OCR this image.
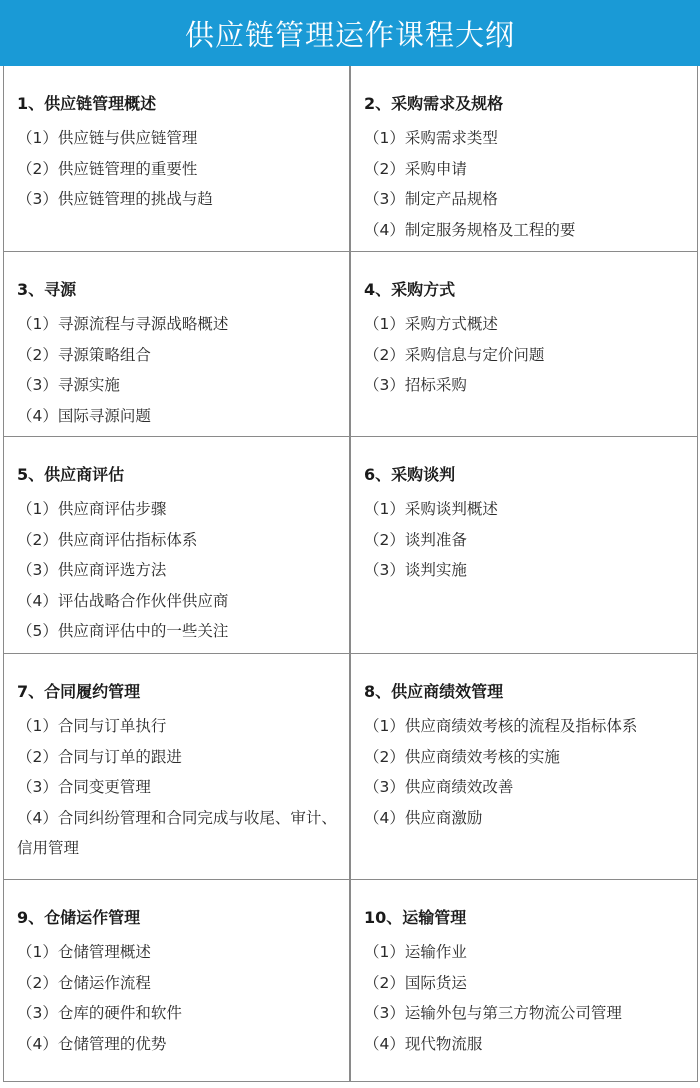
供应链管理运作课程大纲
1、供应链管理概述
（1）供应链与供应链管理
（2）供应链管理的重要性
（3）供应链管理的挑战与趋
2、采购需求及规格
（1）采购需求类型
（2）采购申请
（3）制定产品规格
（4）制定服务规格及工程的要
3、寻源
（1）寻源流程与寻源战略概述
（2）寻源策略组合
（3）寻源实施
（4）国际寻源问题
4、采购方式
（1）采购方式概述
（2）采购信息与定价问题
（3）招标采购
5、供应商评估
（1）供应商评估步骤
（2）供应商评估指标体系
（3）供应商评选方法
（4）评估战略合作伙伴供应商
（5）供应商评估中的一些关注
6、采购谈判
（1）采购谈判概述
（2）谈判准备
（3）谈判实施
7、合同履约管理
（1）合同与订单执行
（2）合同与订单的跟进
（3）合同变更管理
（4）合同纠纷管理和合同完成与收尾、审计、信用管理
8、供应商绩效管理
（1）供应商绩效考核的流程及指标体系
（2）供应商绩效考核的实施
（3）供应商绩效改善
（4）供应商激励
9、仓储运作管理
（1）仓储管理概述
（2）仓储运作流程
（3）仓库的硬件和软件
（4）仓储管理的优势
10、运输管理
（1）运输作业
（2）国际货运
（3）运输外包与第三方物流公司管理
（4）现代物流服
